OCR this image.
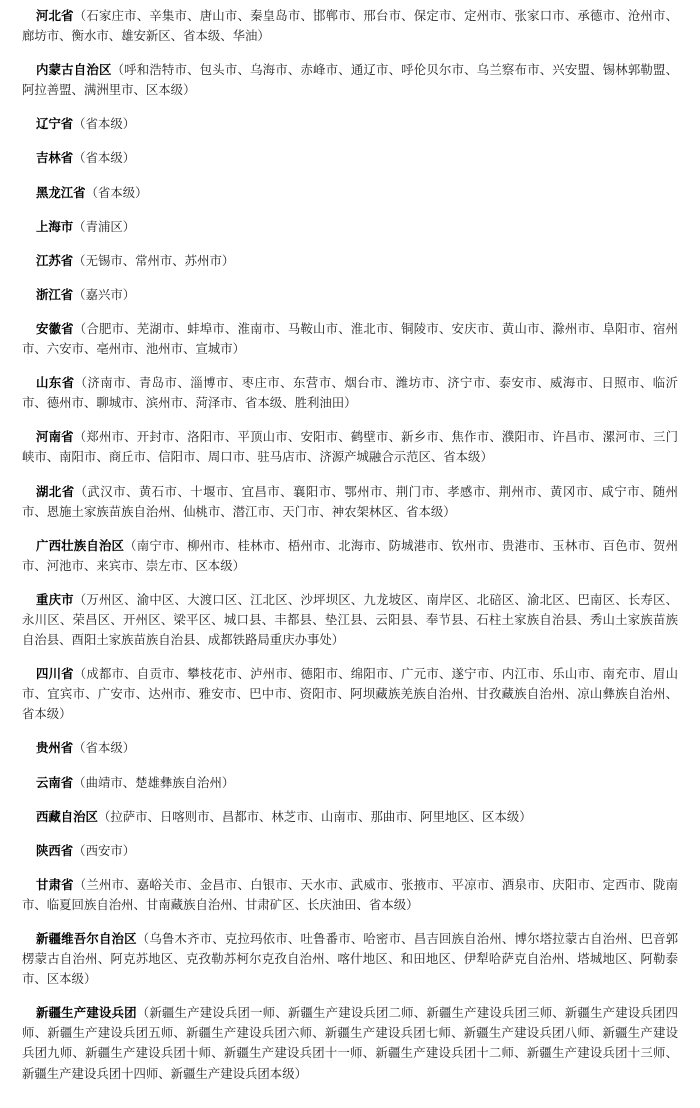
河北省（石家庄市、辛集市、唐山市、秦皇岛市、邯郸市、邢台市、保定市、定州市、张家口市、承德市、沧州市、廊坊市、衡水市、雄安新区、省本级、华油）

内蒙古自治区（呼和浩特市、包头市、乌海市、赤峰市、通辽市、呼伦贝尔市、乌兰察布市、兴安盟、锡林郭勒盟、阿拉善盟、满洲里市、区本级）

辽宁省（省本级）

吉林省（省本级）

黑龙江省（省本级）

上海市（青浦区）

江苏省（无锡市、常州市、苏州市）

浙江省（嘉兴市）

安徽省（合肥市、芜湖市、蚌埠市、淮南市、马鞍山市、淮北市、铜陵市、安庆市、黄山市、滁州市、阜阳市、宿州市、六安市、亳州市、池州市、宣城市）

山东省（济南市、青岛市、淄博市、枣庄市、东营市、烟台市、潍坊市、济宁市、泰安市、威海市、日照市、临沂市、德州市、聊城市、滨州市、菏泽市、省本级、胜利油田）

河南省（郑州市、开封市、洛阳市、平顶山市、安阳市、鹤壁市、新乡市、焦作市、濮阳市、许昌市、漯河市、三门峡市、南阳市、商丘市、信阳市、周口市、驻马店市、济源产城融合示范区、省本级）

湖北省（武汉市、黄石市、十堰市、宜昌市、襄阳市、鄂州市、荆门市、孝感市、荆州市、黄冈市、咸宁市、随州市、恩施土家族苗族自治州、仙桃市、潜江市、天门市、神农架林区、省本级）

广西壮族自治区（南宁市、柳州市、桂林市、梧州市、北海市、防城港市、钦州市、贵港市、玉林市、百色市、贺州市、河池市、来宾市、崇左市、区本级）

重庆市（万州区、渝中区、大渡口区、江北区、沙坪坝区、九龙坡区、南岸区、北碚区、渝北区、巴南区、长寿区、永川区、荣昌区、开州区、梁平区、城口县、丰都县、垫江县、云阳县、奉节县、石柱土家族自治县、秀山土家族苗族自治县、酉阳土家族苗族自治县、成都铁路局重庆办事处）

四川省（成都市、自贡市、攀枝花市、泸州市、德阳市、绵阳市、广元市、遂宁市、内江市、乐山市、南充市、眉山市、宜宾市、广安市、达州市、雅安市、巴中市、资阳市、阿坝藏族羌族自治州、甘孜藏族自治州、凉山彝族自治州、省本级）

贵州省（省本级）

云南省（曲靖市、楚雄彝族自治州）

西藏自治区（拉萨市、日喀则市、昌都市、林芝市、山南市、那曲市、阿里地区、区本级）

陕西省（西安市）

甘肃省（兰州市、嘉峪关市、金昌市、白银市、天水市、武威市、张掖市、平凉市、酒泉市、庆阳市、定西市、陇南市、临夏回族自治州、甘南藏族自治州、甘肃矿区、长庆油田、省本级）

新疆维吾尔自治区（乌鲁木齐市、克拉玛依市、吐鲁番市、哈密市、昌吉回族自治州、博尔塔拉蒙古自治州、巴音郭楞蒙古自治州、阿克苏地区、克孜勒苏柯尔克孜自治州、喀什地区、和田地区、伊犁哈萨克自治州、塔城地区、阿勒泰市、区本级）

新疆生产建设兵团（新疆生产建设兵团一师、新疆生产建设兵团二师、新疆生产建设兵团三师、新疆生产建设兵团四师、新疆生产建设兵团五师、新疆生产建设兵团六师、新疆生产建设兵团七师、新疆生产建设兵团八师、新疆生产建设兵团九师、新疆生产建设兵团十师、新疆生产建设兵团十一师、新疆生产建设兵团十二师、新疆生产建设兵团十三师、新疆生产建设兵团十四师、新疆生产建设兵团本级）
